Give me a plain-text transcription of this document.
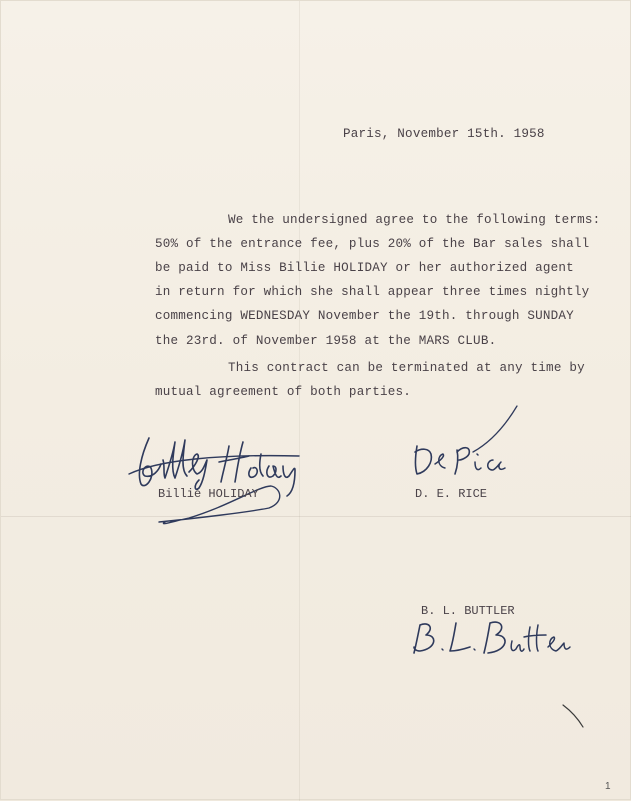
Paris, November 15th. 1958
We the undersigned agree to the following terms:
50% of the entrance fee, plus 20% of the Bar sales shall
be paid to Miss Billie HOLIDAY or her authorized agent
in return for which she shall appear three times nightly
commencing WEDNESDAY November the 19th. through SUNDAY
the 23rd. of November 1958 at the MARS CLUB.
This contract can be terminated at any time by
mutual agreement of both parties.
Billie HOLIDAY	D. E. RICE
B. L. BUTTLER
1
